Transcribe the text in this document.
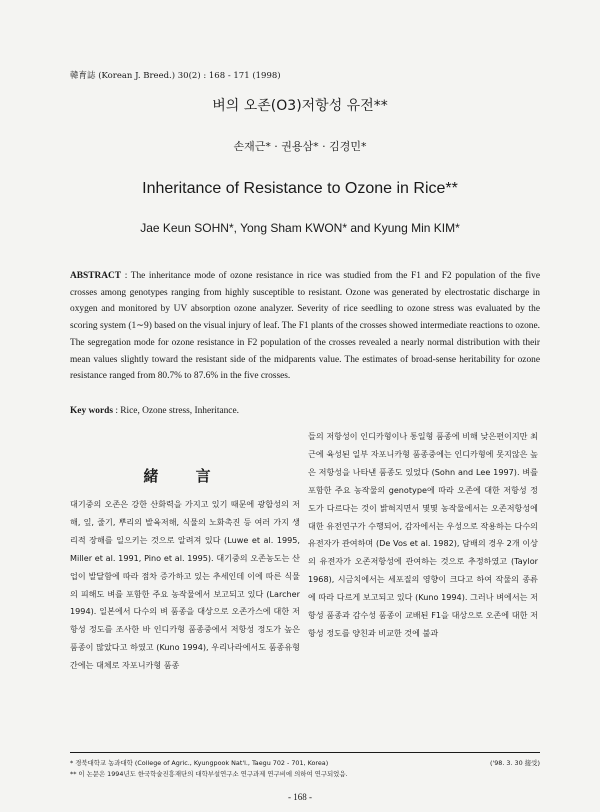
韓育誌 (Korean J. Breed.) 30(2) : 168 - 171 (1998)
벼의 오존(O3)저항성 유전**
손재근* · 권용삼* · 김경민*
Inheritance of Resistance to Ozone in Rice**
Jae Keun SOHN*, Yong Sham KWON* and Kyung Min KIM*
ABSTRACT : The inheritance mode of ozone resistance in rice was studied from the F1 and F2 population of the five crosses among genotypes ranging from highly susceptible to resistant. Ozone was generated by electrostatic discharge in oxygen and monitored by UV absorption ozone analyzer. Severity of rice seedling to ozone stress was evaluated by the scoring system (1∼9) based on the visual injury of leaf. The F1 plants of the crosses showed intermediate reactions to ozone. The segregation mode for ozone resistance in F2 population of the crosses revealed a nearly normal distribution with their mean values slightly toward the resistant side of the midparents value. The estimates of broad-sense heritability for ozone resistance ranged from 80.7% to 87.6% in the five crosses.
Key words : Rice, Ozone stress, Inheritance.
緒 言
대기중의 오존은 강한 산화력을 가지고 있기 때문에 광합성의 저해, 잎, 줄기, 뿌리의 발육저해, 식물의 노화촉진 등 여러 가지 생리적 장해를 일으키는 것으로 알려져 있다 (Luwe et al. 1995, Miller et al. 1991, Pino et al. 1995). 대기중의 오존농도는 산업이 발달함에 따라 점차 증가하고 있는 추세인데 이에 따른 식물의 피해도 벼를 포함한 주요 농작물에서 보고되고 있다 (Larcher 1994). 일본에서 다수의 벼 품종을 대상으로 오존가스에 대한 저항성 정도를 조사한 바 인디카형 품종중에서 저항성 정도가 높은 품종이 많았다고 하였고 (Kuno 1994), 우리나라에서도 품종유형간에는 대체로 자포니카형 품종
들의 저항성이 인디카형이나 통일형 품종에 비해 낮은편이지만 최근에 육성된 일부 자포니카형 품종중에는 인디카형에 못지않은 높은 저항성을 나타낸 품종도 있었다 (Sohn and Lee 1997). 벼를 포함한 주요 농작물의 genotype에 따라 오존에 대한 저항성 정도가 다르다는 것이 밝혀지면서 몇몇 농작물에서는 오존저항성에 대한 유전연구가 수행되어, 감자에서는 우성으로 작용하는 다수의 유전자가 관여하며 (De Vos et al. 1982), 담배의 경우 2개 이상의 유전자가 오존저항성에 관여하는 것으로 추정하였고 (Taylor 1968), 시금치에서는 세포질의 영향이 크다고 하여 작물의 종류에 따라 다르게 보고되고 있다 (Kuno 1994). 그러나 벼에서는 저항성 품종과 감수성 품종이 교배된 F1을 대상으로 오존에 대한 저항성 정도를 양친과 비교한 것에 불과
* 경북대학교 농과대학 (College of Agric., Kyungpook Nat'l., Taegu 702 - 701, Korea)	('98. 3. 30 接受)
** 이 논문은 1994년도 한국학술진흥재단의 대학부설연구소 연구과제 연구비에 의하여 연구되었음.
- 168 -
